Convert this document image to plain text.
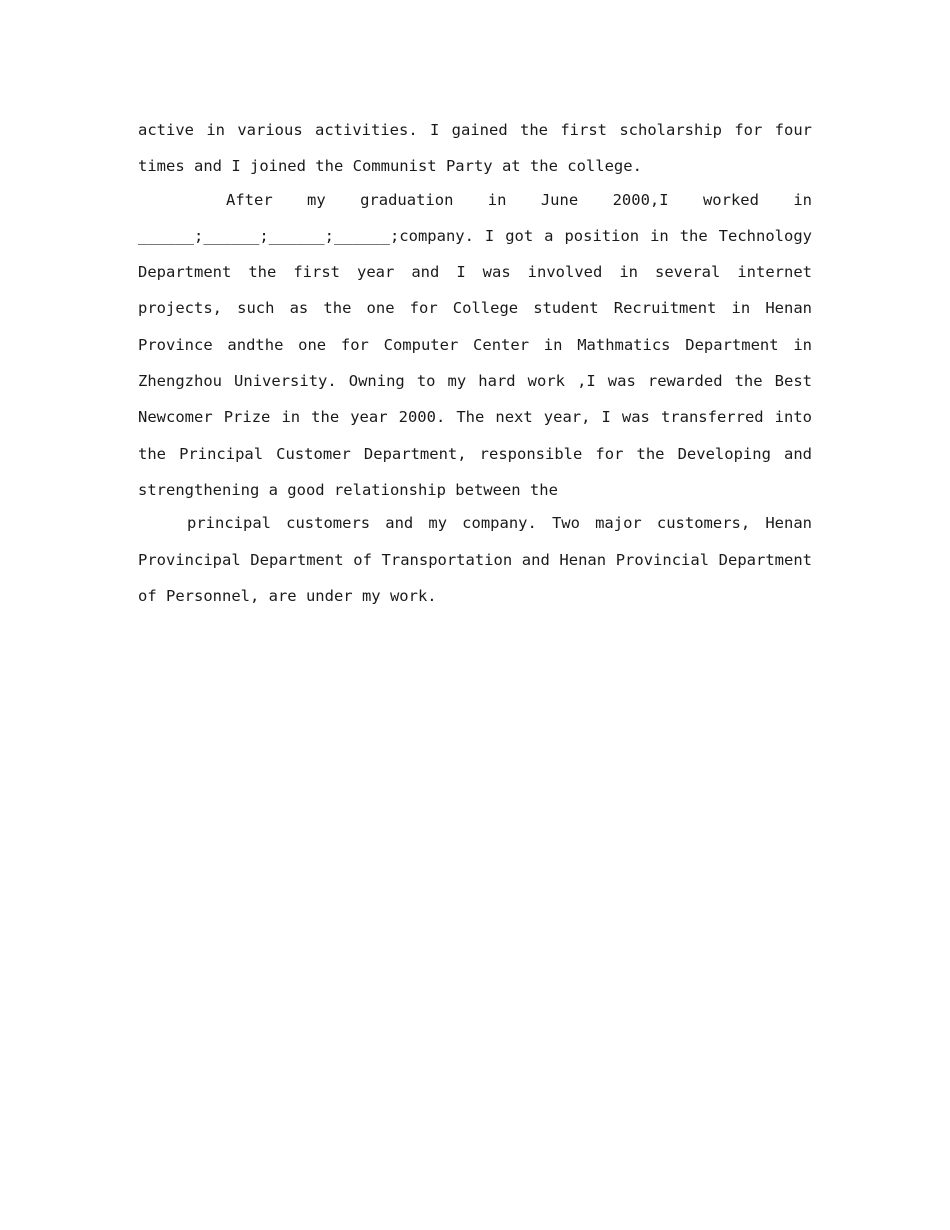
active in various activities. I gained the first scholarship for four times and I joined the Communist Party at the college.

After my graduation in June 2000,I worked in ______;______;______;______;company. I got a position in the Technology Department the first year and I was involved in several internet projects, such as the one for College student Recruitment in Henan Province andthe one for Computer Center in Mathmatics Department in Zhengzhou University. Owning to my hard work ,I was rewarded the Best Newcomer Prize in the year 2000. The next year, I was transferred into the Principal Customer Department, responsible for the Developing and strengthening a good relationship between the

principal customers and my company. Two major customers, Henan Provincipal Department of Transportation and Henan Provincial Department of Personnel, are under my work.
